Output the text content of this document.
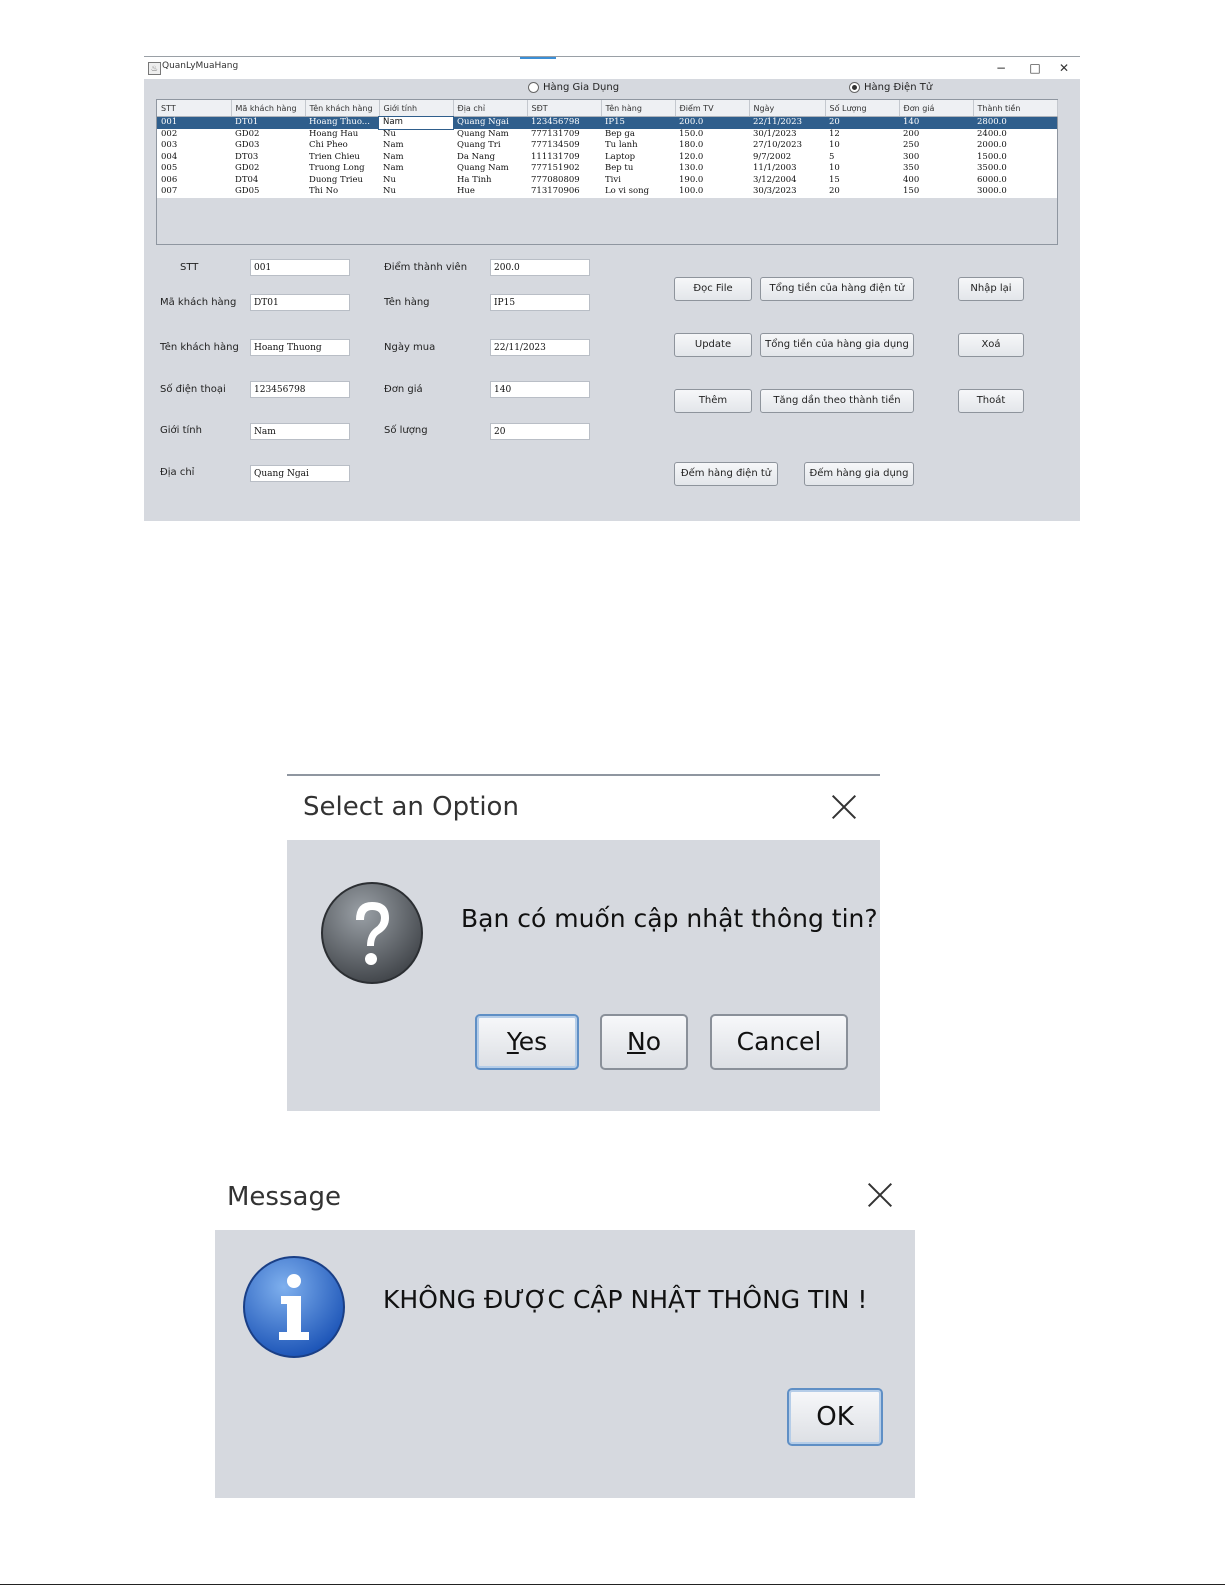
♨ QuanLyMuaHang	−	□	✕
Hàng Gia Dụng	Hàng Điện Tử
STT	Mã khách hàng	Tên khách hàng	Giới tính	Địa chỉ	SĐT	Tên hàng	Điểm TV	Ngày	Số Lượng	Đơn giá	Thành tiền
001	DT01	Hoang Thuo...	Nam	Quang Ngai	123456798	IP15	200.0	22/11/2023	20	140	2800.0
002	GD02	Hoang Hau	Nu	Quang Nam	777131709	Bep ga	150.0	30/1/2023	12	200	2400.0
003	GD03	Chi Pheo	Nam	Quang Tri	777134509	Tu lanh	180.0	27/10/2023	10	250	2000.0
004	DT03	Trien Chieu	Nam	Da Nang	111131709	Laptop	120.0	9/7/2002	5	300	1500.0
005	GD02	Truong Long	Nam	Quang Nam	777151902	Bep tu	130.0	11/1/2003	10	350	3500.0
006	DT04	Duong Trieu	Nu	Ha Tinh	777080809	Tivi	190.0	3/12/2004	15	400	6000.0
007	GD05	Thi No	Nu	Hue	713170906	Lo vi song	100.0	30/3/2023	20	150	3000.0
STT	001
Mã khách hàng	DT01
Tên khách hàng	Hoang Thuong
Số điện thoại	123456798
Giới tính	Nam
Địa chỉ	Quang Ngai
Điểm thành viên	200.0
Tên hàng	IP15
Ngày mua	22/11/2023
Đơn giá	140
Số lượng	20
Đọc File	Tổng tiền của hàng điện tử	Nhập lại
Update	Tổng tiền của hàng gia dụng	Xoá
Thêm	Tăng dần theo thành tiền	Thoát
Đếm hàng điện tử	Đếm hàng gia dụng
Select an Option
Bạn có muốn cập nhật thông tin?
Yes	No	Cancel
Message
KHÔNG ĐƯỢC CẬP NHẬT THÔNG TIN !
OK
